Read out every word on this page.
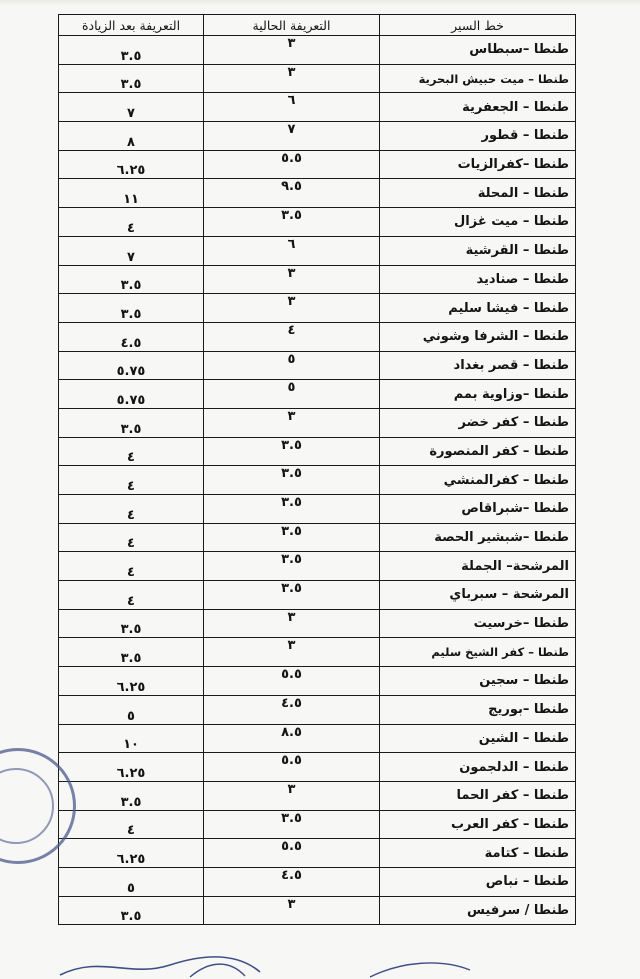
خط السير	التعريفة الحالية	التعريفة بعد الزيادة
طنطا –سبطاس	٣	٣.٥
طنطا – ميت حبيش البحرية	٣	٣.٥
طنطا – الجعفرية	٦	٧
طنطا – قطور	٧	٨
طنطا –كفرالزيات	٥.٥	٦.٢٥
طنطا – المحلة	٩.٥	١١
طنطا – ميت غزال	٣.٥	٤
طنطا – القرشية	٦	٧
طنطا – صناديد	٣	٣.٥
طنطا – فيشا سليم	٣	٣.٥
طنطا – الشرفا وشوني	٤	٤.٥
طنطا – قصر بغداد	٥	٥.٧٥
طنطا –وزاوية بمم	٥	٥.٧٥
طنطا – كفر خضر	٣	٣.٥
طنطا – كفر المنصورة	٣.٥	٤
طنطا – كفرالمنشي	٣.٥	٤
طنطا –شبراقاص	٣.٥	٤
طنطا –شبشير الحصة	٣.٥	٤
المرشحة– الجملة	٣.٥	٤
المرشحة – سبرباي	٣.٥	٤
طنطا –خرسيت	٣	٣.٥
طنطا – كفر الشيخ سليم	٣	٣.٥
طنطا – سجين	٥.٥	٦.٢٥
طنطا –بوريج	٤.٥	٥
طنطا – الشين	٨.٥	١٠
طنطا – الدلجمون	٥.٥	٦.٢٥
طنطا – كفر الحما	٣	٣.٥
طنطا – كفر العرب	٣.٥	٤
طنطا – كتامة	٥.٥	٦.٢٥
طنطا – نباص	٤.٥	٥
طنطا / سرفيس	٣	٣.٥
